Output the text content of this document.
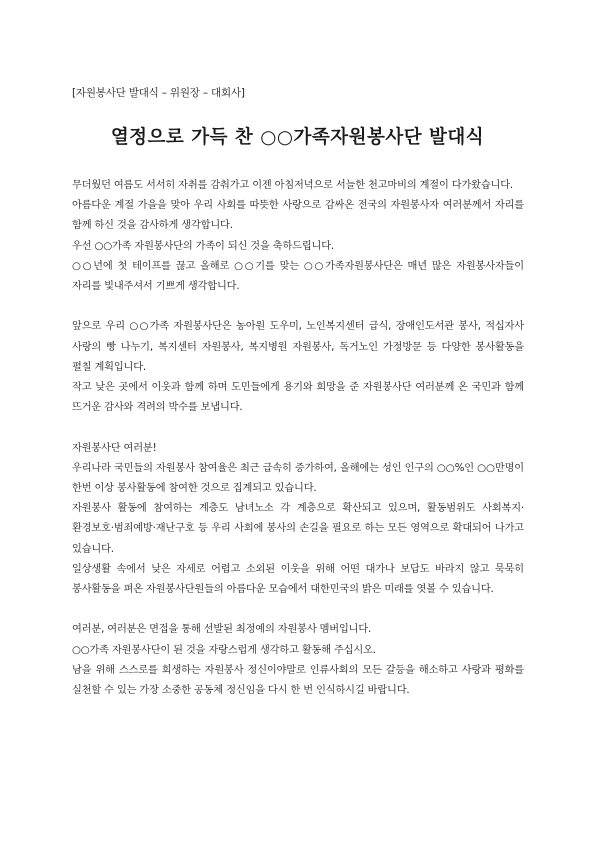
[자원봉사단 발대식 – 위원장 – 대회사]
열정으로 가득 찬 ○○가족자원봉사단 발대식

무더웠던 여름도 서서히 자취를 감춰가고 이젠 아침저녁으로 서늘한 천고마비의 계절이 다가왔습니다.

아름다운 계절 가을을 맞아 우리 사회를 따뜻한 사랑으로 감싸온 전국의 자원봉사자 여러분께서 자리를 함께 하신 것을 감사하게 생각합니다.

우선 ○○가족 자원봉사단의 가족이 되신 것을 축하드립니다.

○○년에 첫 테이프를 끊고 올해로 ○○기를 맞는 ○○가족자원봉사단은 매년 많은 자원봉사자들이 자리를 빛내주셔서 기쁘게 생각합니다.

앞으로 우리 ○○가족 자원봉사단은 농아원 도우미, 노인복지센터 급식, 장애인도서관 봉사, 적십자사 사랑의 빵 나누기, 복지센터 자원봉사, 복지병원 자원봉사, 독거노인 가정방문 등 다양한 봉사활동을 펼칠 계획입니다.

작고 낮은 곳에서 이웃과 함께 하며 도민들에게 용기와 희망을 준 자원봉사단 여러분께 온 국민과 함께 뜨거운 감사와 격려의 박수를 보냅니다.

자원봉사단 여러분!

우리나라 국민들의 자원봉사 참여율은 최근 급속히 증가하여, 올해에는 성인 인구의 ○○%인 ○○만명이 한번 이상 봉사활동에 참여한 것으로 집계되고 있습니다.

자원봉사 활동에 참여하는 계층도 남녀노소 각 계층으로 확산되고 있으며, 활동범위도 사회복지·환경보호·범죄예방·재난구호 등 우리 사회에 봉사의 손길을 필요로 하는 모든 영역으로 확대되어 나가고 있습니다.

일상생활 속에서 낮은 자세로 어렵고 소외된 이웃을 위해 어떤 대가나 보답도 바라지 않고 묵묵히 봉사활동을 펴온 자원봉사단원들의 아름다운 모습에서 대한민국의 밝은 미래를 엿볼 수 있습니다.

여러분, 여러분은 면접을 통해 선발된 최정예의 자원봉사 멤버입니다.

○○가족 자원봉사단이 된 것을 자랑스럽게 생각하고 활동해 주십시오.

남을 위해 스스로를 희생하는 자원봉사 정신이야말로 인류사회의 모든 갈등을 해소하고 사랑과 평화를 실천할 수 있는 가장 소중한 공동체 정신임을 다시 한 번 인식하시길 바랍니다.
